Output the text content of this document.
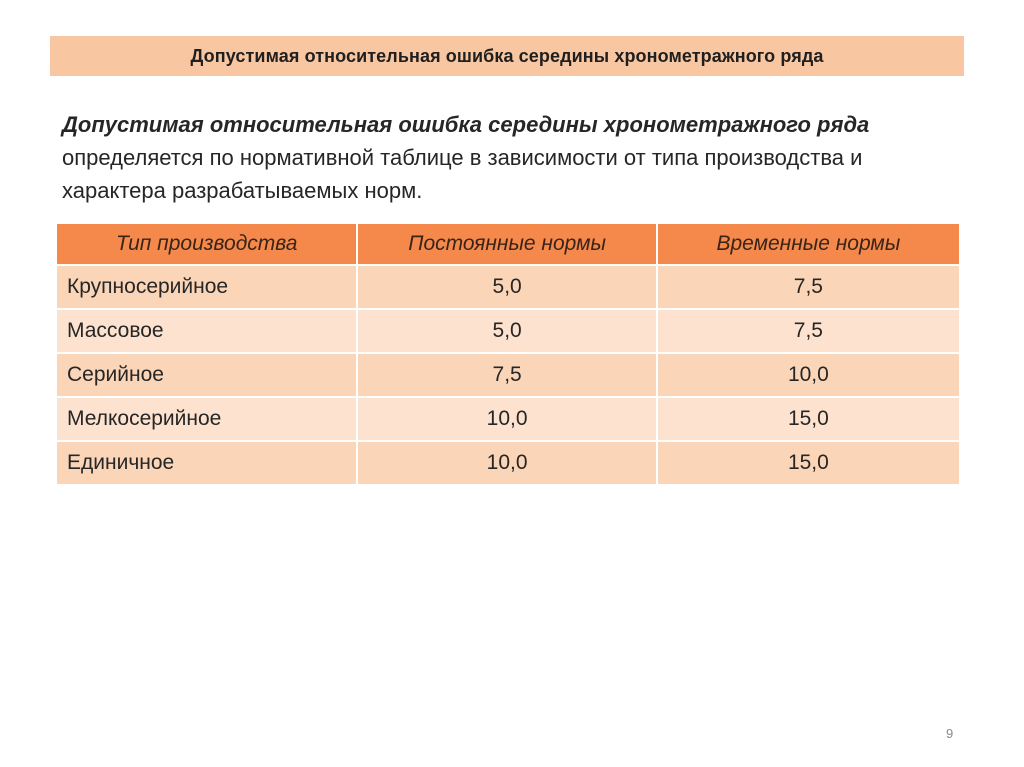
Допустимая относительная ошибка середины хронометражного ряда

Допустимая относительная ошибка середины хронометражного ряда определяется по нормативной таблице в зависимости от типа производства и характера разрабатываемых норм.

Тип производства	Постоянные нормы	Временные нормы
Крупносерийное	5,0	7,5
Массовое	5,0	7,5
Серийное	7,5	10,0
Мелкосерийное	10,0	15,0
Единичное	10,0	15,0
9
